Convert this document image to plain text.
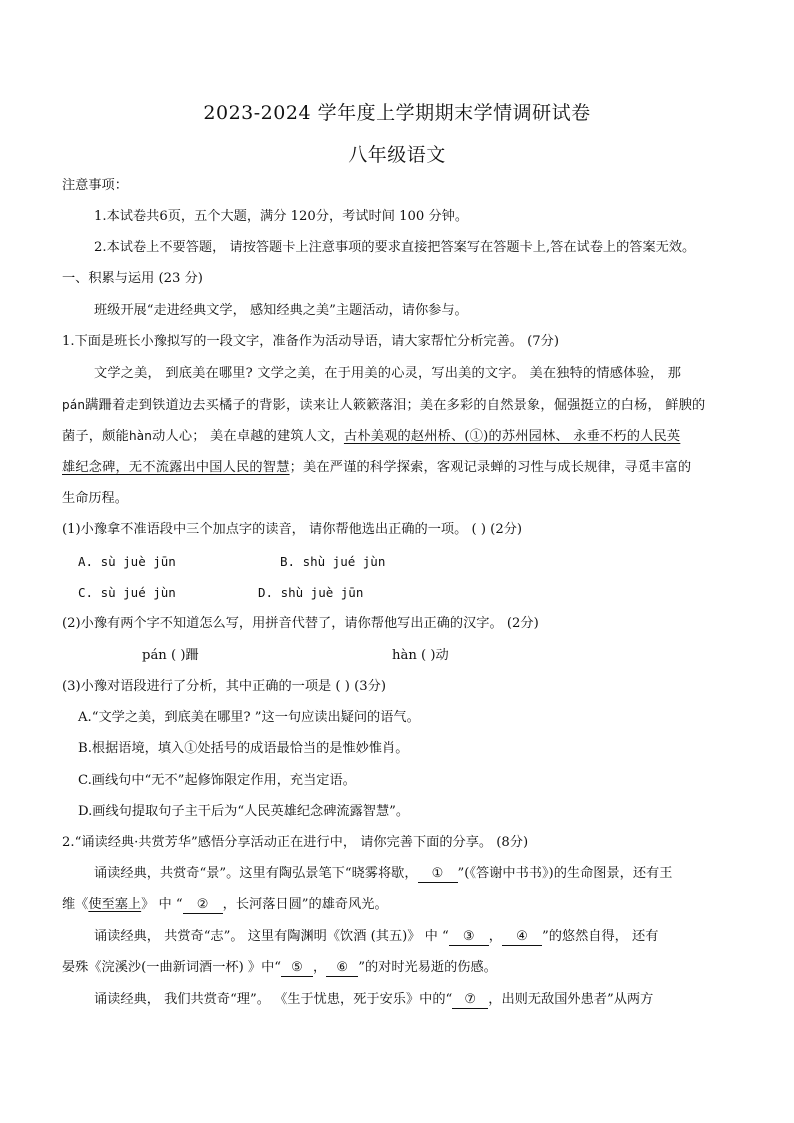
2023-2024 学年度上学期期末学情调研试卷
八年级语文
注意事项：
1.本试卷共6页，五个大题，满分 120分，考试时间 100 分钟。
2.本试卷上不要答题， 请按答题卡上注意事项的要求直接把答案写在答题卡上,答在试卷上的答案无效。
一、积累与运用 (23 分)
班级开展“走进经典文学， 感知经典之美”主题活动，请你参与。
1.下面是班长小豫拟写的一段文字，准备作为活动导语，请大家帮忙分析完善。 (7分)
文学之美， 到底美在哪里? 文学之美，在于用美的心灵，写出美的文字。 美在独特的情感体验， 那
pán蹒跚着走到铁道边去买橘子的背影，读来让人簌簌落泪；美在多彩的自然景象，倔强挺立的白杨， 鲜腴的
菌子，颇能hàn动人心； 美在卓越的建筑人文，古朴美观的赵州桥、(①)的苏州园林、 永垂不朽的人民英
雄纪念碑，无不流露出中国人民的智慧；美在严谨的科学探索，客观记录蝉的习性与成长规律，寻觅丰富的
生命历程。
(1)小豫拿不准语段中三个加点字的读音， 请你帮他选出正确的一项。 ( ) (2分)
A. sù juè jūn	B. shù jué jùn
C. sù jué jùn	D. shù juè jūn
(2)小豫有两个字不知道怎么写，用拼音代替了，请你帮他写出正确的汉字。 (2分)
pán ( )跚	hàn ( )动
(3)小豫对语段进行了分析，其中正确的一项是 ( ) (3分)
A.“文学之美，到底美在哪里? ”这一句应读出疑问的语气。
B.根据语境，填入①处括号的成语最恰当的是惟妙惟肖。
C.画线句中“无不”起修饰限定作用，充当定语。
D.画线句提取句子主干后为“人民英雄纪念碑流露智慧”。
2.“诵读经典·共赏芳华”感悟分享活动正在进行中， 请你完善下面的分享。 (8分)
诵读经典，共赏奇“景”。这里有陶弘景笔下“晓雾将歇， ① ”(《答谢中书书》)的生命图景，还有王
维《使至塞上》 中 “ ② ，长河落日圆”的雄奇风光。
诵读经典， 共赏奇“志”。 这里有陶渊明《饮酒 (其五)》 中 “ ③ ， ④ ”的悠然自得， 还有
晏殊《浣溪沙(一曲新词酒一杯) 》中“ ⑤ ， ⑥ ”的对时光易逝的伤感。
诵读经典， 我们共赏奇“理”。 《生于忧患，死于安乐》中的“ ⑦ ，出则无敌国外患者”从两方
